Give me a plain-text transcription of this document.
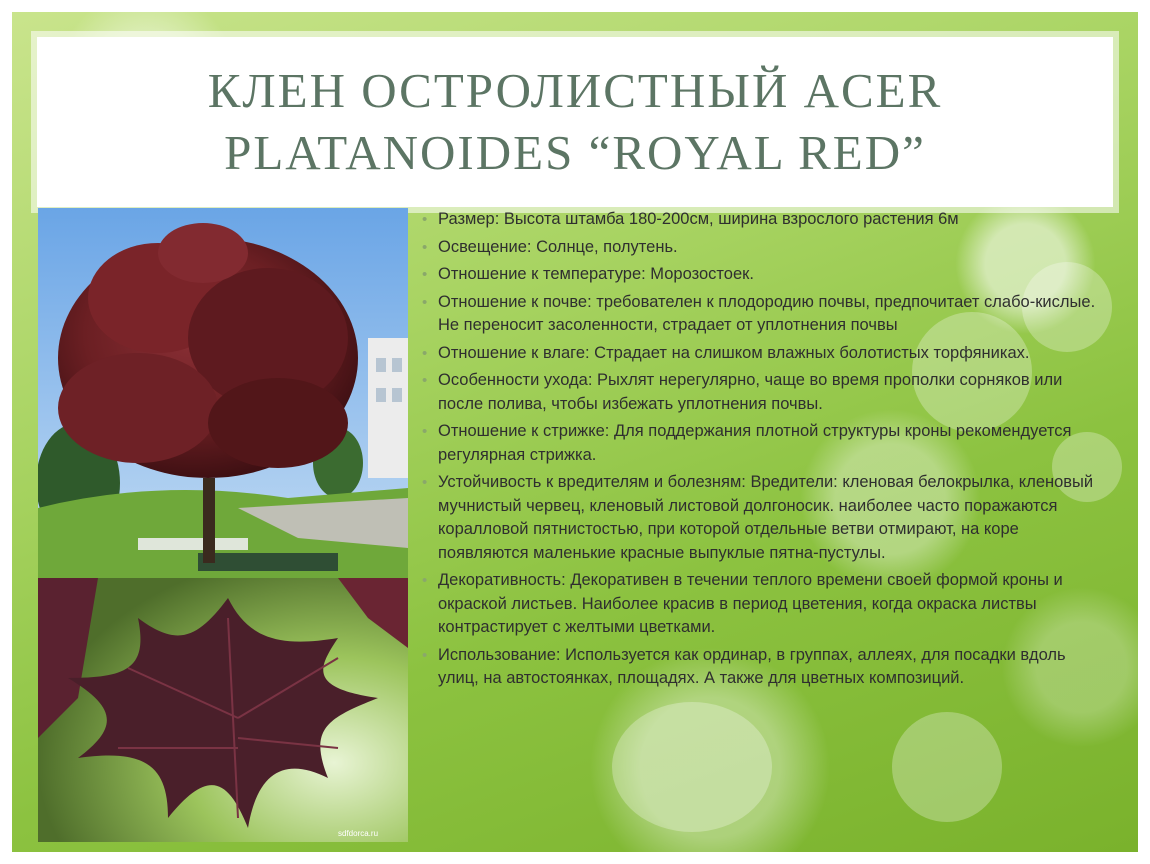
КЛЕН ОСТРОЛИСТНЫЙ ACER
PLATANOIDES “ROYAL RED”
sdfdorca.ru
• Размер: Высота штамба 180-200см, ширина взрослого растения 6м
• Освещение: Солнце, полутень.
• Отношение к температуре: Морозостоек.
• Отношение к почве: требователен к плодородию почвы, предпочитает слабо-кислые. Не переносит засоленности, страдает от уплотнения почвы
• Отношение к влаге: Страдает на слишком влажных болотистых торфяниках.
• Особенности ухода: Рыхлят нерегулярно, чаще во время прополки сорняков или после полива, чтобы избежать уплотнения почвы.
• Отношение к стрижке: Для поддержания плотной структуры кроны рекомендуется регулярная стрижка.
• Устойчивость к вредителям и болезням: Вредители: кленовая белокрылка, кленовый мучнистый червец, кленовый листовой долгоносик. наиболее часто поражаются коралловой пятнистостью, при которой отдельные ветви отмирают, на коре появляются маленькие красные выпуклые пятна-пустулы.
• Декоративность: Декоративен в течении теплого времени своей формой кроны и окраской листьев. Наиболее красив в период цветения, когда окраска листвы контрастирует с желтыми цветками.
• Использование: Используется как ординар, в группах, аллеях, для посадки вдоль улиц, на автостоянках, площадях. А также для цветных композиций.
